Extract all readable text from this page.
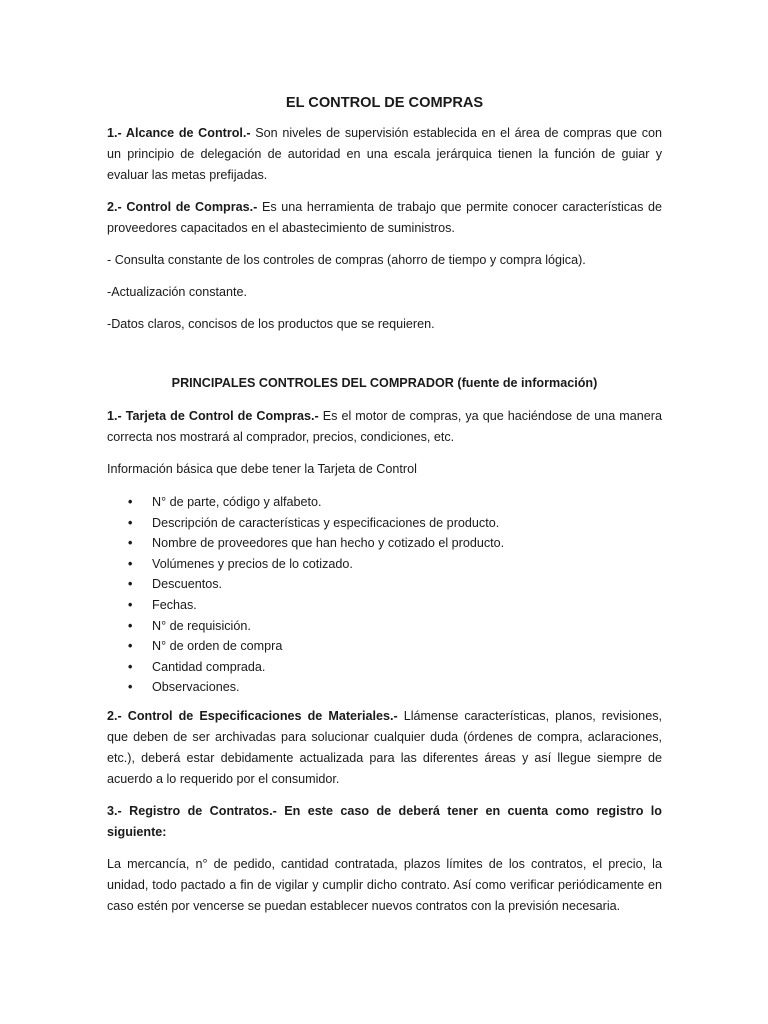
EL CONTROL DE COMPRAS

1.- Alcance de Control.- Son niveles de supervisión establecida en el área de compras que con un principio de delegación de autoridad en una escala jerárquica tienen la función de guiar y evaluar las metas prefijadas.

2.- Control de Compras.- Es una herramienta de trabajo que permite conocer características de proveedores capacitados en el abastecimiento de suministros.

- Consulta constante de los controles de compras (ahorro de tiempo y compra lógica).

-Actualización constante.

-Datos claros, concisos de los productos que se requieren.

PRINCIPALES CONTROLES DEL COMPRADOR (fuente de información)

1.- Tarjeta de Control de Compras.- Es el motor de compras, ya que haciéndose de una manera correcta nos mostrará al comprador, precios, condiciones, etc.

Información básica que debe tener la Tarjeta de Control

• N° de parte, código y alfabeto.
• Descripción de características y especificaciones de producto.
• Nombre de proveedores que han hecho y cotizado el producto.
• Volúmenes y precios de lo cotizado.
• Descuentos.
• Fechas.
• N° de requisición.
• N° de orden de compra
• Cantidad comprada.
• Observaciones.

2.- Control de Especificaciones de Materiales.- Llámense características, planos, revisiones, que deben de ser archivadas para solucionar cualquier duda (órdenes de compra, aclaraciones, etc.), deberá estar debidamente actualizada para las diferentes áreas y así llegue siempre de acuerdo a lo requerido por el consumidor.

3.- Registro de Contratos.- En este caso de deberá tener en cuenta como registro lo siguiente:

La mercancía, n° de pedido, cantidad contratada, plazos límites de los contratos, el precio, la unidad, todo pactado a fin de vigilar y cumplir dicho contrato. Así como verificar periódicamente en caso estén por vencerse se puedan establecer nuevos contratos con la previsión necesaria.
